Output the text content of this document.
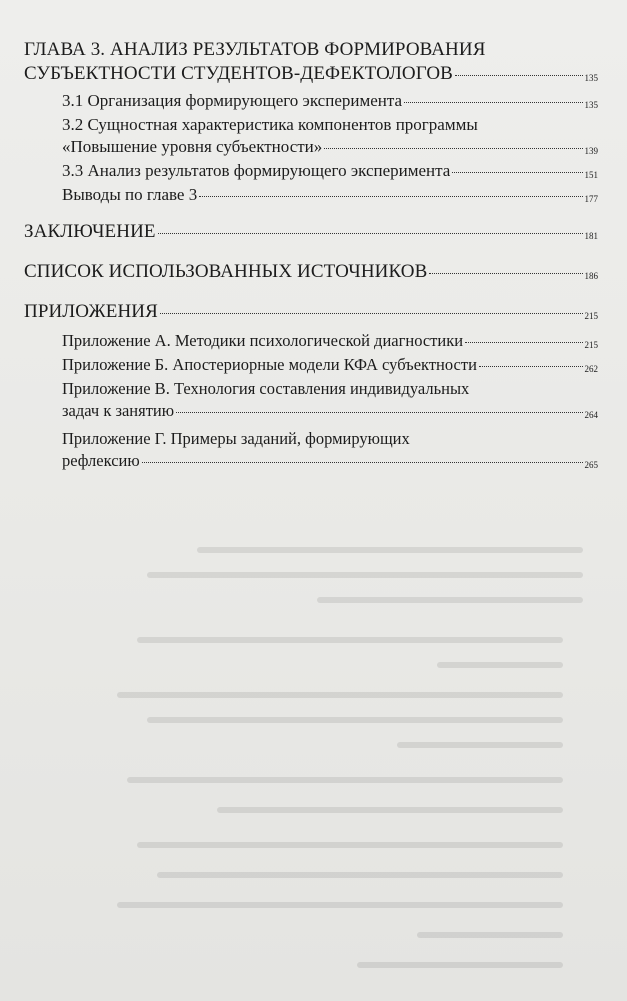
ГЛАВА 3. АНАЛИЗ РЕЗУЛЬТАТОВ ФОРМИРОВАНИЯ
СУБЪЕКТНОСТИ СТУДЕНТОВ-ДЕФЕКТОЛОГОВ	135
3.1 Организация формирующего эксперимента	135
3.2 Сущностная характеристика компонентов программы
«Повышение уровня субъектности»	139
3.3 Анализ результатов формирующего эксперимента	151
Выводы по главе 3	177
ЗАКЛЮЧЕНИЕ	181
СПИСОК ИСПОЛЬЗОВАННЫХ ИСТОЧНИКОВ	186
ПРИЛОЖЕНИЯ	215
Приложение А. Методики психологической диагностики	215
Приложение Б. Апостериорные модели КФА субъектности	262
Приложение В. Технология составления индивидуальных
задач к занятию	264
Приложение Г. Примеры заданий, формирующих
рефлексию	265
